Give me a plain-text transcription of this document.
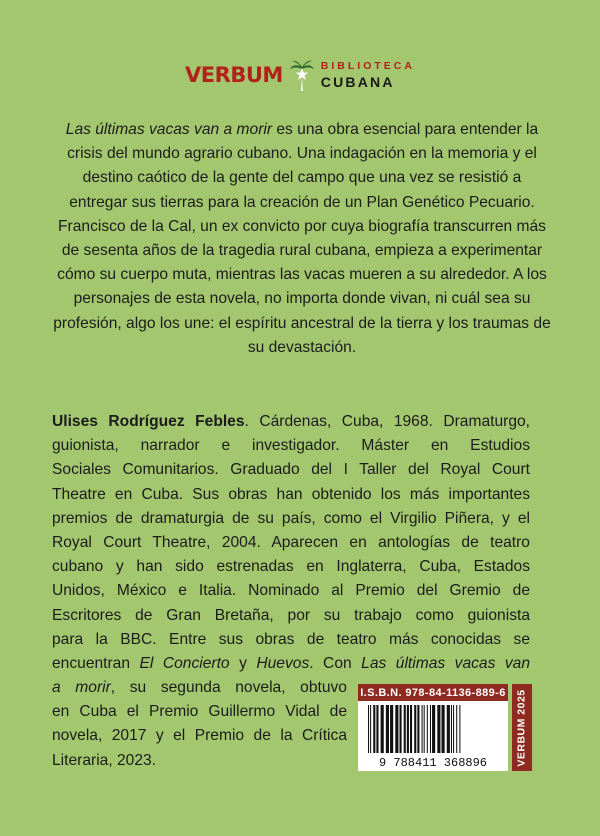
VERBUM	BIBLIOTECA
CUBANA

Las últimas vacas van a morir es una obra esencial para entender la crisis del mundo agrario cubano. Una indagación en la memoria y el destino caótico de la gente del campo que una vez se resistió a entregar sus tierras para la creación de un Plan Genético Pecuario. Francisco de la Cal, un ex convicto por cuya biografía transcurren más de sesenta años de la tragedia rural cubana, empieza a experimentar cómo su cuerpo muta, mientras las vacas mueren a su alrededor. A los personajes de esta novela, no importa donde vivan, ni cuál sea su profesión, algo los une: el espíritu ancestral de la tierra y los traumas de su devastación.

Ulises Rodríguez Febles. Cárdenas, Cuba, 1968. Dramaturgo,
guionista, narrador e investigador. Máster en Estudios
Sociales Comunitarios. Graduado del I Taller del Royal Court
Theatre en Cuba. Sus obras han obtenido los más importantes
premios de dramaturgia de su país, como el Virgilio Piñera, y el
Royal Court Theatre, 2004. Aparecen en antologías de teatro
cubano y han sido estrenadas en Inglaterra, Cuba, Estados
Unidos, México e Italia. Nominado al Premio del Gremio de
Escritores de Gran Bretaña, por su trabajo como guionista
para la BBC. Entre sus obras de teatro más conocidas se
encuentran El Concierto y Huevos. Con Las últimas vacas van
a morir, su segunda novela, obtuvo
en Cuba el Premio Guillermo Vidal de
novela, 2017 y el Premio de la Crítica
Literaria, 2023.
I.S.B.N. 978-84-1136-889-6
9 788411 368896	VERBUM 2025
